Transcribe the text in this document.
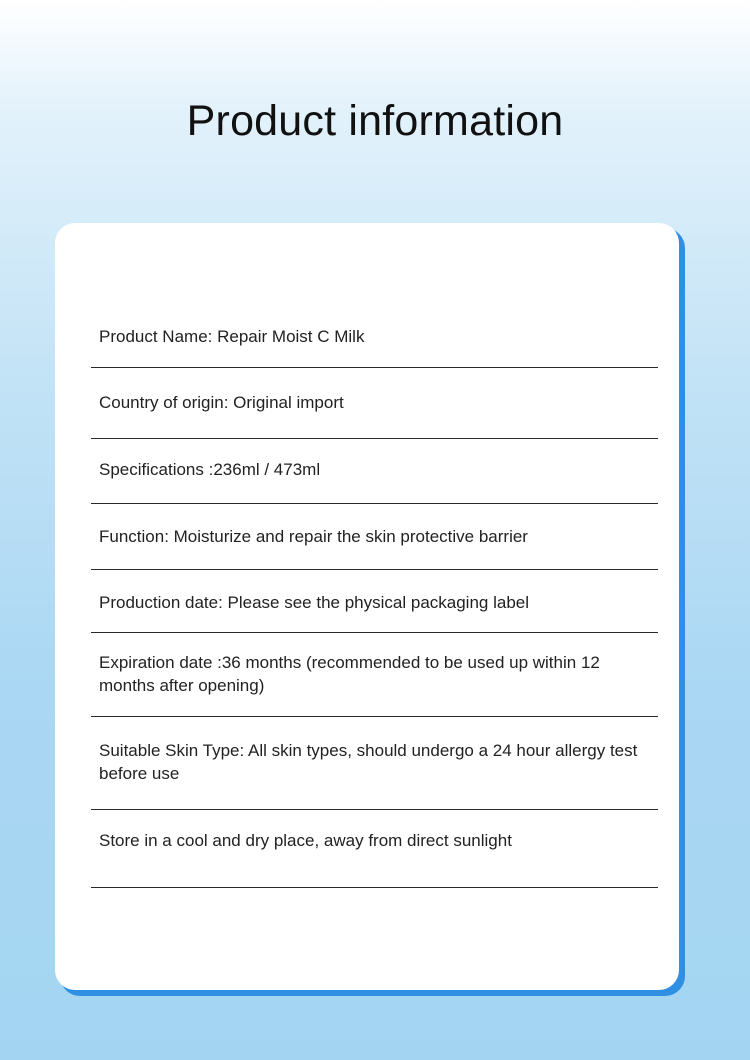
Product information
Product Name: Repair Moist C Milk
Country of origin: Original import
Specifications :236ml / 473ml
Function: Moisturize and repair the skin protective barrier
Production date: Please see the physical packaging label
Expiration date :36 months (recommended to be used up within 12 months after opening)
Suitable Skin Type: All skin types, should undergo a 24 hour allergy test before use
Store in a cool and dry place, away from direct sunlight
